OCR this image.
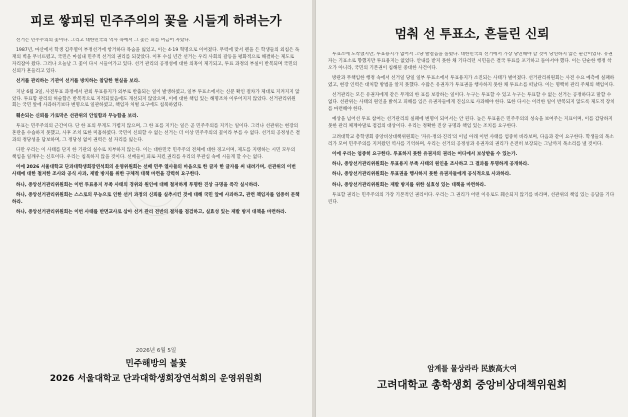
피로 쌓피된 민주주의의 꽃을 시들게 하려는가

선거는 민주주의의 꽃이다. 그리고 대한민국의 역사 속에서 그 꽃은 피를 머금어 자랐다.

1987년, 마산에서 학생 김주열이 부정선거에 항거하다 목숨을 잃었고, 이는 4·19 혁명으로 이어졌다. 무력에 맞서 펜을 든 학생들의 외침은 독재의 벽을 무너뜨렸고, 국민은 마침내 민주적 선거의 권리를 되찾았다. 이후 수십 년간 선거는 우리 사회의 갈등을 평화적으로 해결하는 제도로 자리잡아 왔다. 그러나 오늘날 그 꽃이 다시 시들어가고 있다. 선거 관리의 공정성에 대한 의혹이 제기되고, 투표 과정의 부실이 반복되며 국민의 신뢰가 흔들리고 있다.

선거를 관리하는 기관이 선거를 방치하는 참담한 현실을 보라.

지난 6월 3일, 사전투표 과정에서 관외 투표용지가 외부로 반출되는 일이 발생하였고, 일부 투표소에서는 신분 확인 절차가 제대로 지켜지지 않았다. 투표함 관리의 허술함은 반복적으로 지적되었음에도 개선되지 않았으며, 이에 대한 책임 있는 해명조차 이루어지지 않았다. 선거관리위원회는 국민 앞에 사과하기보다 변명으로 일관하였고, 책임자 처벌 요구에도 침묵하였다.

훼손되는 신뢰를 가로막은 선관위의 안일함과 무능함을 보라.

투표는 민주주의의 근간이다. 단 한 표의 무게도 가볍지 않으며, 그 한 표를 지키는 일은 곧 민주주의를 지키는 일이다. 그러나 선관위는 현장의 혼란을 수습하지 못했고, 사후 조치 또한 미흡하였다. 국민이 신뢰할 수 없는 선거는 더 이상 민주주의의 꽃이라 부를 수 없다. 선거의 공정성은 결과의 정당성을 담보하며, 그 정당성 없이 권력은 설 자리를 잃는다.

다만 우리는 이 사태를 단지 한 기관의 실수로 치부하지 않는다. 이는 대한민국 민주주의 전체에 대한 경고이며, 제도를 지탱하는 시민 모두의 책임을 일깨우는 신호이다. 우리는 침묵하지 않을 것이다. 선배들이 피로 지킨 권리를 우리의 무관심 속에 시들게 할 수는 없다.

이에 2026 서울대학교 단과대학생회장연석회의 운영위원회는 선배 민주 열사들의 마음으로 한 글자 한 글자를 써 내려가며, 선관위의 이번 사태에 대한 철저한 조사와 공식 사과, 재발 방지를 위한 구체적 대책 마련을 강력히 요구한다.

하나, 중앙선거관리위원회는 이번 투표용지 부족 사태의 경위와 원인에 대해 철저하게 투명한 진상 규명을 즉각 실시하라.

하나, 중앙선거관리위원회는 스스로의 무능으로 인한 선거 과정의 신뢰를 실추시킨 것에 대해 국민 앞에 사과하고, 관련 책임자를 엄중히 문책하라.

하나, 중앙선거관리위원회는 이번 사태를 반면교사로 삼아 선거 관리 전반의 절차를 점검하고, 실효성 있는 재발 방지 대책을 마련하라.

2026년 6월 5일
민주해방의 불꽃
2026 서울대학교 단과대학생회장연석회의 운영위원회
멈춰 선 투표소, 흔들린 신뢰

투표소에 도착했지만, 투표용지가 없어서 그냥 발걸음을 돌렸다. 대한민국의 선거에서 가장 당연해야 할 것이 당연하지 않은 순간이었다. 유권자는 기표소로 향했지만 투표용지는 없었다. 안내를 받지 못한 채 기다리던 시민들은 결국 투표를 포기하고 돌아서야 했다. 이는 단순한 행정 착오가 아니라, 국민의 기본권이 침해된 중대한 사건이다.

방관과 무책임한 행정 속에서 선거일 당일 일부 투표소에서 투표용지가 소진되는 사태가 벌어졌다. 선거관리위원회는 사전 수요 예측에 실패하였고, 현장 인력은 대처할 방법을 알지 못했다. 수많은 유권자가 투표권을 행사하지 못한 채 투표소를 떠났다. 이는 명백히 관리 주체의 책임이다.

선거관리는 모든 유권자에게 같은 무게의 한 표를 보장하는 일이다. 누구는 투표할 수 있고 누구는 투표할 수 없는 선거는 공정하다고 말할 수 없다. 선관위는 사태의 원인을 밝히고 피해를 입은 유권자들에게 진심으로 사과해야 한다. 또한 다시는 이러한 일이 반복되지 않도록 제도적 장치를 마련해야 한다.

예상을 넘어선 투표 참여는 선거관리의 실패에 변명이 되어서는 안 된다. 높은 투표율은 민주주의의 성숙을 보여주는 지표이며, 이를 감당하지 못한 관리 체계야말로 점검의 대상이다. 우리는 정확한 진상 규명과 책임 있는 조치를 요구한다.

고려대학교 총학생회 중앙비상대책위원회는 '자유·정의·진리'의 이념 아래 이번 사태를 엄중히 바라보며, 다음과 같이 요구한다. 학생들의 목소리가 모여 민주주의를 지켜왔던 역사를 기억하며, 우리는 선거의 공정성과 유권자의 권리가 온전히 보장되는 그날까지 목소리를 낼 것이다.

이에 우리는 엄중히 요구한다. 투표하지 못한 유권자의 권리는 어디에서 보상받을 수 있는가.

하나, 중앙선거관리위원회는 투표용지 부족 사태의 원인을 조사하고 그 결과를 투명하게 공개하라.

하나, 중앙선거관리위원회는 투표권을 행사하지 못한 유권자들에게 공식적으로 사과하라.

하나, 중앙선거관리위원회는 재발 방지를 위한 실효성 있는 대책을 마련하라.

투표할 권리는 민주주의의 가장 기본적인 권리이다. 우리는 그 권리가 어떤 이유로도 훼손되지 않기를 바라며, 선관위의 책임 있는 응답을 기다린다.

암계를 물상라라 民族高大여
고려대학교 총학생회 중앙비상대책위원회
